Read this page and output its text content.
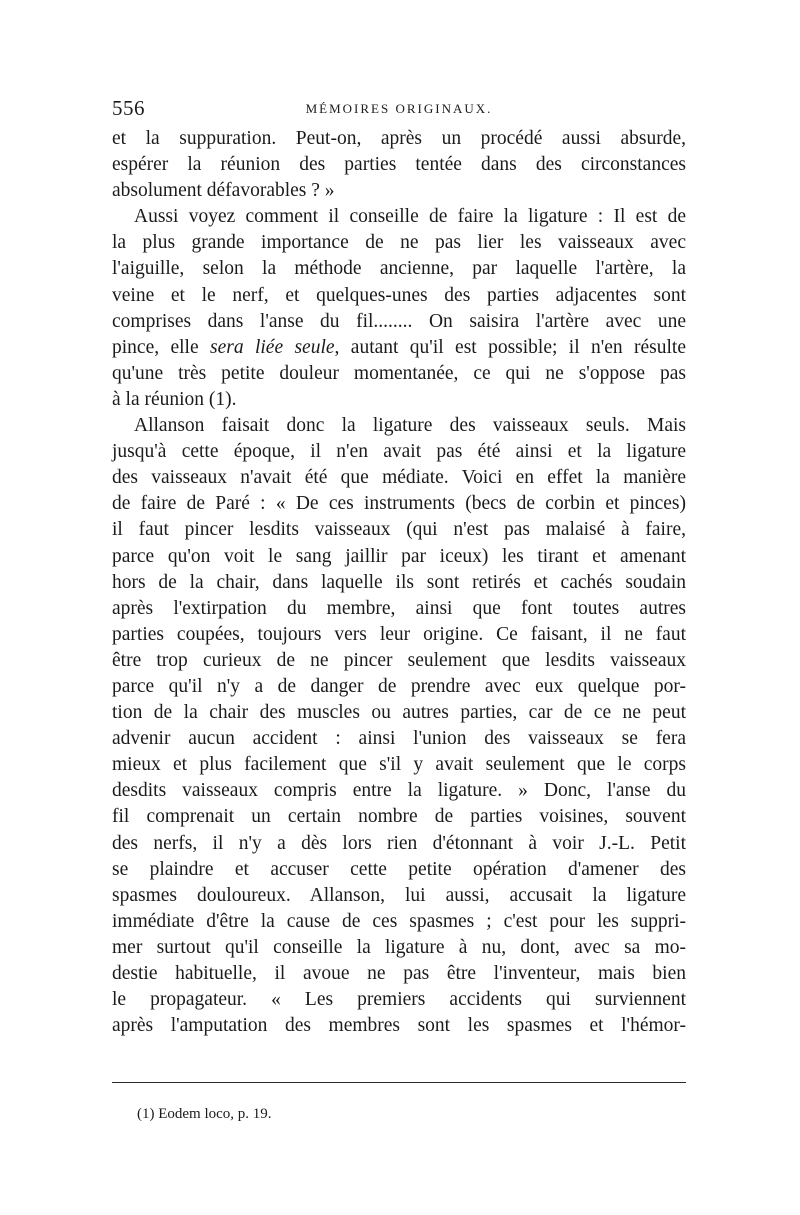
556	MÉMOIRES ORIGINAUX.
et la suppuration. Peut-on, après un procédé aussi absurde,
espérer la réunion des parties tentée dans des circonstances
absolument défavorables ? »
Aussi voyez comment il conseille de faire la ligature : Il est de
la plus grande importance de ne pas lier les vaisseaux avec
l'aiguille, selon la méthode ancienne, par laquelle l'artère, la
veine et le nerf, et quelques-unes des parties adjacentes sont
comprises dans l'anse du fil........ On saisira l'artère avec une
pince, elle sera liée seule, autant qu'il est possible; il n'en résulte
qu'une très petite douleur momentanée, ce qui ne s'oppose pas
à la réunion (1).
Allanson faisait donc la ligature des vaisseaux seuls. Mais
jusqu'à cette époque, il n'en avait pas été ainsi et la ligature
des vaisseaux n'avait été que médiate. Voici en effet la manière
de faire de Paré : « De ces instruments (becs de corbin et pinces)
il faut pincer lesdits vaisseaux (qui n'est pas malaisé à faire,
parce qu'on voit le sang jaillir par iceux) les tirant et amenant
hors de la chair, dans laquelle ils sont retirés et cachés soudain
après l'extirpation du membre, ainsi que font toutes autres
parties coupées, toujours vers leur origine. Ce faisant, il ne faut
être trop curieux de ne pincer seulement que lesdits vaisseaux
parce qu'il n'y a de danger de prendre avec eux quelque por-
tion de la chair des muscles ou autres parties, car de ce ne peut
advenir aucun accident : ainsi l'union des vaisseaux se fera
mieux et plus facilement que s'il y avait seulement que le corps
desdits vaisseaux compris entre la ligature. » Donc, l'anse du
fil comprenait un certain nombre de parties voisines, souvent
des nerfs, il n'y a dès lors rien d'étonnant à voir J.-L. Petit
se plaindre et accuser cette petite opération d'amener des
spasmes douloureux. Allanson, lui aussi, accusait la ligature
immédiate d'être la cause de ces spasmes ; c'est pour les suppri-
mer surtout qu'il conseille la ligature à nu, dont, avec sa mo-
destie habituelle, il avoue ne pas être l'inventeur, mais bien
le propagateur. « Les premiers accidents qui surviennent
après l'amputation des membres sont les spasmes et l'hémor-
(1) Eodem loco, p. 19.
